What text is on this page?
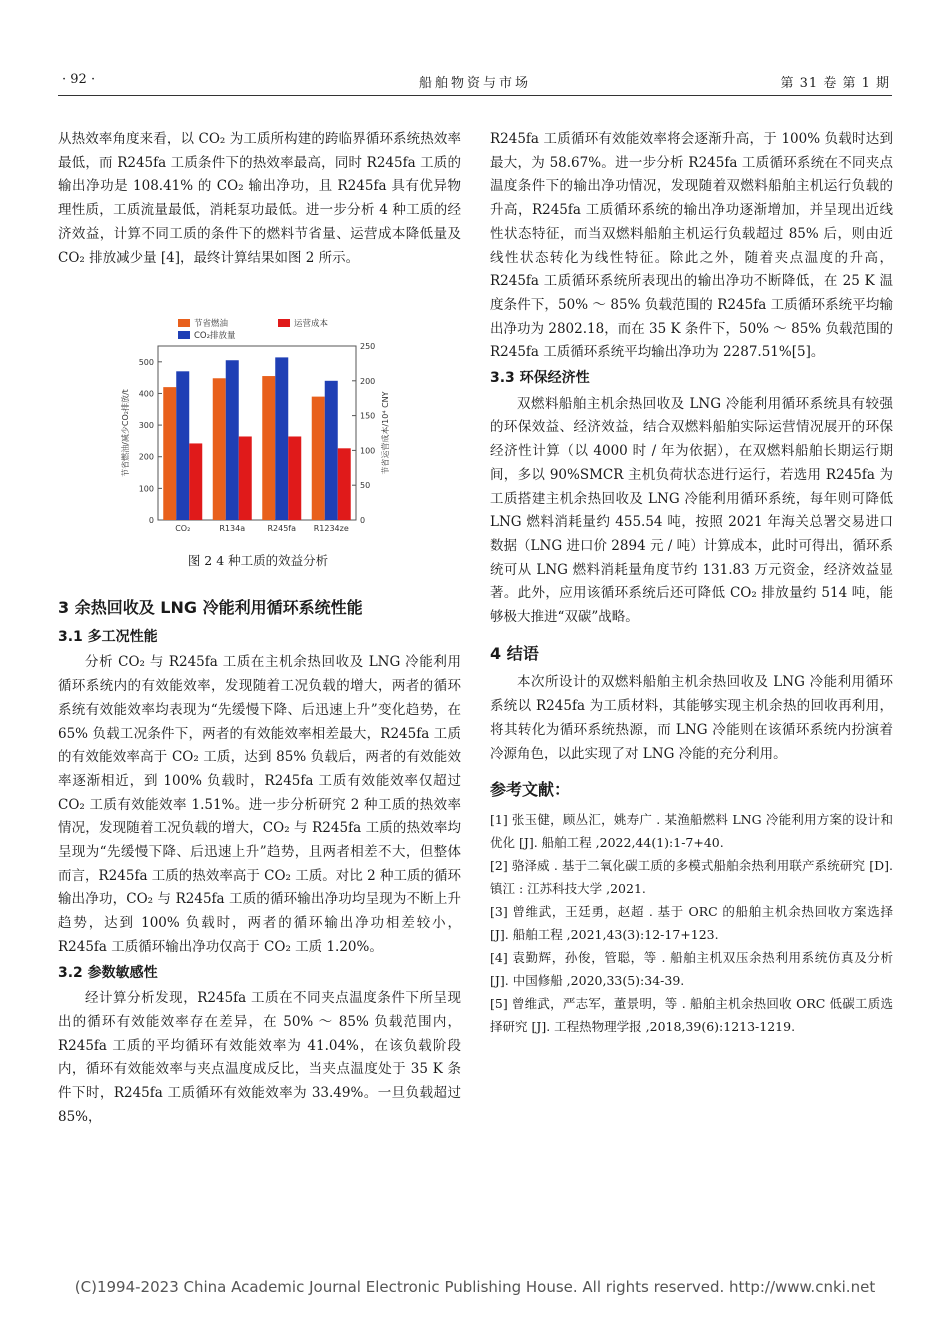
· 92 ·	船舶物资与市场	第 31 卷 第 1 期

从热效率角度来看，以 CO₂ 为工质所构建的跨临界循环系统热效率最低，而 R245fa 工质条件下的热效率最高，同时 R245fa 工质的输出净功是 108.41% 的 CO₂ 输出净功，且 R245fa 具有优异物理性质，工质流量最低，消耗泵功最低。进一步分析 4 种工质的经济效益，计算不同工质的条件下的燃料节省量、运营成本降低量及 CO₂ 排放减少量 [4]，最终计算结果如图 2 所示。

0
100
200
300
400
500
0
50
100
150
200
250
节省燃油/减少CO₂排放/t	节省运营成本/10⁴ CNY
CO₂	R134a	R245fa R1234ze
节省燃油	运营成本
CO₂排放量
图 2 4 种工质的效益分析

3 余热回收及 LNG 冷能利用循环系统性能

3.1 多工况性能

分析 CO₂ 与 R245fa 工质在主机余热回收及 LNG 冷能利用循环系统内的有效能效率，发现随着工况负载的增大，两者的循环系统有效能效率均表现为“先缓慢下降、后迅速上升”变化趋势，在 65% 负载工况条件下，两者的有效能效率相差最大，R245fa 工质的有效能效率高于 CO₂ 工质，达到 85% 负载后，两者的有效能效率逐渐相近，到 100% 负载时，R245fa 工质有效能效率仅超过 CO₂ 工质有效能效率 1.51%。进一步分析研究 2 种工质的热效率情况，发现随着工况负载的增大，CO₂ 与 R245fa 工质的热效率均呈现为“先缓慢下降、后迅速上升”趋势，且两者相差不大，但整体而言，R245fa 工质的热效率高于 CO₂ 工质。对比 2 种工质的循环输出净功，CO₂ 与 R245fa 工质的循环输出净功均呈现为不断上升趋势，达到 100% 负载时，两者的循环输出净功相差较小，R245fa 工质循环输出净功仅高于 CO₂ 工质 1.20%。

3.2 参数敏感性

经计算分析发现，R245fa 工质在不同夹点温度条件下所呈现出的循环有效能效率存在差异，在 50% ～ 85% 负载范围内，R245fa 工质的平均循环有效能效率为 41.04%，在该负载阶段内，循环有效能效率与夹点温度成反比，当夹点温度处于 35 K 条件下时，R245fa 工质循环有效能效率为 33.49%。一旦负载超过 85%，

R245fa 工质循环有效能效率将会逐渐升高，于 100% 负载时达到最大，为 58.67%。进一步分析 R245fa 工质循环系统在不同夹点温度条件下的输出净功情况，发现随着双燃料船舶主机运行负载的升高，R245fa 工质循环系统的输出净功逐渐增加，并呈现出近线性状态特征，而当双燃料船舶主机运行负载超过 85% 后，则由近线性状态转化为线性特征。除此之外，随着夹点温度的升高，R245fa 工质循环系统所表现出的输出净功不断降低，在 25 K 温度条件下，50% ～ 85% 负载范围的 R245fa 工质循环系统平均输出净功为 2802.18，而在 35 K 条件下，50% ～ 85% 负载范围的 R245fa 工质循环系统平均输出净功为 2287.51%[5]。

3.3 环保经济性

双燃料船舶主机余热回收及 LNG 冷能利用循环系统具有较强的环保效益、经济效益，结合双燃料船舶实际运营情况展开的环保经济性计算（以 4000 时 / 年为依据），在双燃料船舶长期运行期间，多以 90%SMCR 主机负荷状态进行运行，若选用 R245fa 为工质搭建主机余热回收及 LNG 冷能利用循环系统，每年则可降低 LNG 燃料消耗量约 455.54 吨，按照 2021 年海关总署交易进口数据（LNG 进口价 2894 元 / 吨）计算成本，此时可得出，循环系统可从 LNG 燃料消耗量角度节约 131.83 万元资金，经济效益显著。此外，应用该循环系统后还可降低 CO₂ 排放量约 514 吨，能够极大推进“双碳”战略。

4 结语

本次所设计的双燃料船舶主机余热回收及 LNG 冷能利用循环系统以 R245fa 为工质材料，其能够实现主机余热的回收再利用，将其转化为循环系统热源，而 LNG 冷能则在该循环系统内扮演着冷源角色，以此实现了对 LNG 冷能的充分利用。

参考文献：

[1] 张玉健，顾丛汇，姚寿广 . 某渔船燃料 LNG 冷能利用方案的设计和优化 [J]. 船舶工程 ,2022,44(1):1-7+40.

[2] 骆泽威 . 基于二氧化碳工质的多模式船舶余热利用联产系统研究 [D]. 镇江 : 江苏科技大学 ,2021.

[3] 曾维武，王廷勇，赵超 . 基于 ORC 的船舶主机余热回收方案选择 [J]. 船舶工程 ,2021,43(3):12-17+123.

[4] 袁勤辉，孙俊，管聪，等 . 船舶主机双压余热利用系统仿真及分析 [J]. 中国修船 ,2020,33(5):34-39.

[5] 曾维武，严志军，董景明，等 . 船舶主机余热回收 ORC 低碳工质选择研究 [J]. 工程热物理学报 ,2018,39(6):1213-1219.

(C)1994-2023 China Academic Journal Electronic Publishing House. All rights reserved. http://www.cnki.net
